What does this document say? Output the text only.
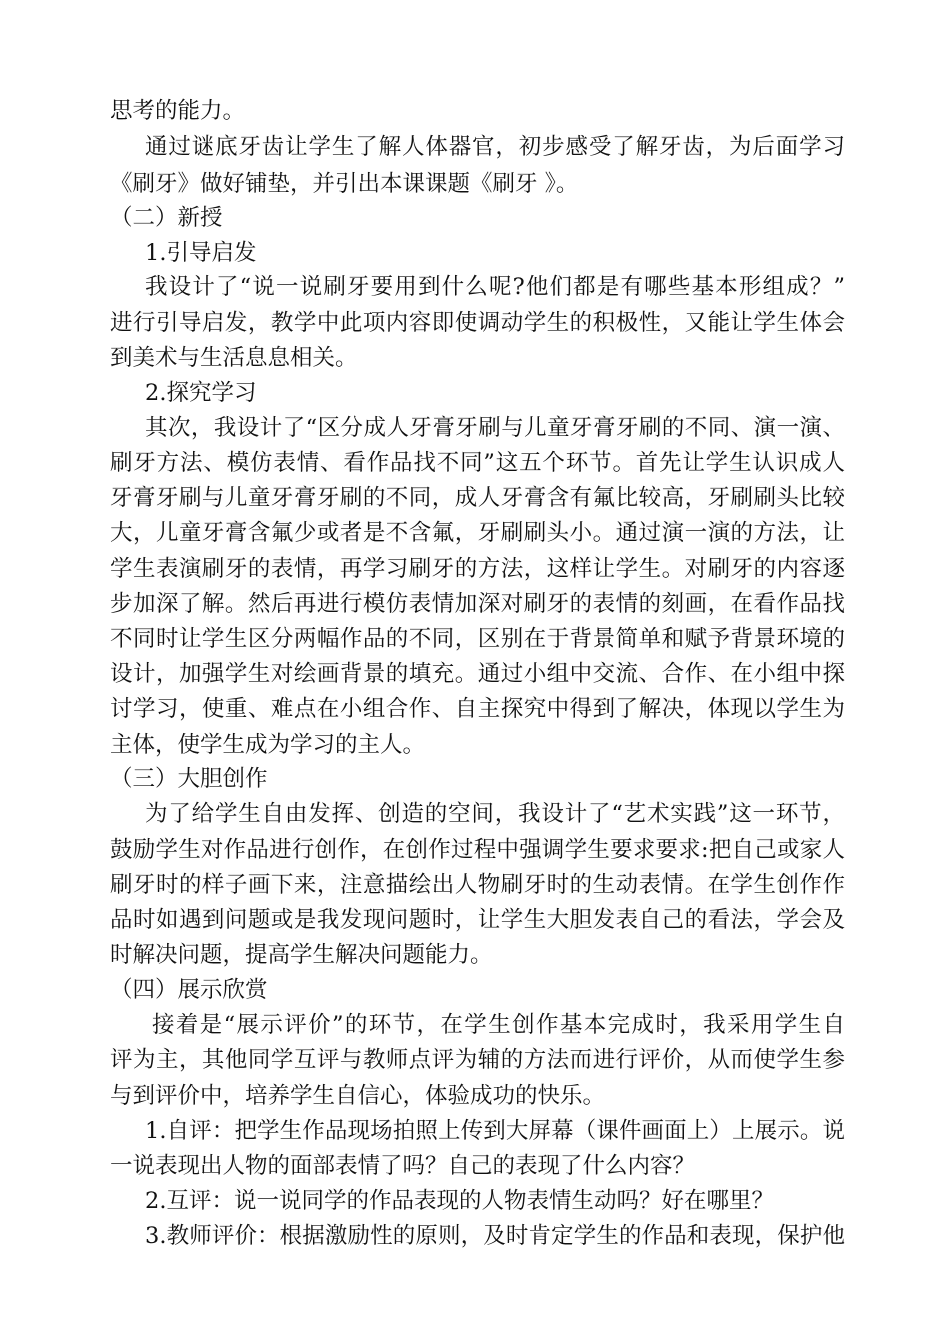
思考的能力。
通过谜底牙齿让学生了解人体器官，初步感受了解牙齿，为后面学习
《刷牙》做好铺垫，并引出本课课题《刷牙 》。
（二）新授
1.引导启发
我设计了“说一说刷牙要用到什么呢?他们都是有哪些基本形组成？”
进行引导启发，教学中此项内容即使调动学生的积极性，又能让学生体会
到美术与生活息息相关。
2.探究学习
其次，我设计了“区分成人牙膏牙刷与儿童牙膏牙刷的不同、演一演、
刷牙方法、模仿表情、看作品找不同”这五个环节。首先让学生认识成人
牙膏牙刷与儿童牙膏牙刷的不同，成人牙膏含有氟比较高，牙刷刷头比较
大，儿童牙膏含氟少或者是不含氟，牙刷刷头小。通过演一演的方法，让
学生表演刷牙的表情，再学习刷牙的方法，这样让学生。对刷牙的内容逐
步加深了解。然后再进行模仿表情加深对刷牙的表情的刻画，在看作品找
不同时让学生区分两幅作品的不同，区别在于背景简单和赋予背景环境的
设计，加强学生对绘画背景的填充。通过小组中交流、合作、在小组中探
讨学习，使重、难点在小组合作、自主探究中得到了解决，体现以学生为
主体，使学生成为学习的主人。
（三）大胆创作
为了给学生自由发挥、创造的空间，我设计了“艺术实践”这一环节，
鼓励学生对作品进行创作，在创作过程中强调学生要求要求:把自己或家人
刷牙时的样子画下来，注意描绘出人物刷牙时的生动表情。在学生创作作
品时如遇到问题或是我发现问题时，让学生大胆发表自己的看法，学会及
时解决问题，提高学生解决问题能力。
（四）展示欣赏
接着是“展示评价”的环节，在学生创作基本完成时，我采用学生自
评为主，其他同学互评与教师点评为辅的方法而进行评价，从而使学生参
与到评价中，培养学生自信心，体验成功的快乐。
1.自评：把学生作品现场拍照上传到大屏幕（课件画面上）上展示。说
一说表现出人物的面部表情了吗？自己的表现了什么内容？
2.互评：说一说同学的作品表现的人物表情生动吗？好在哪里？
3.教师评价：根据激励性的原则，及时肯定学生的作品和表现，保护他
